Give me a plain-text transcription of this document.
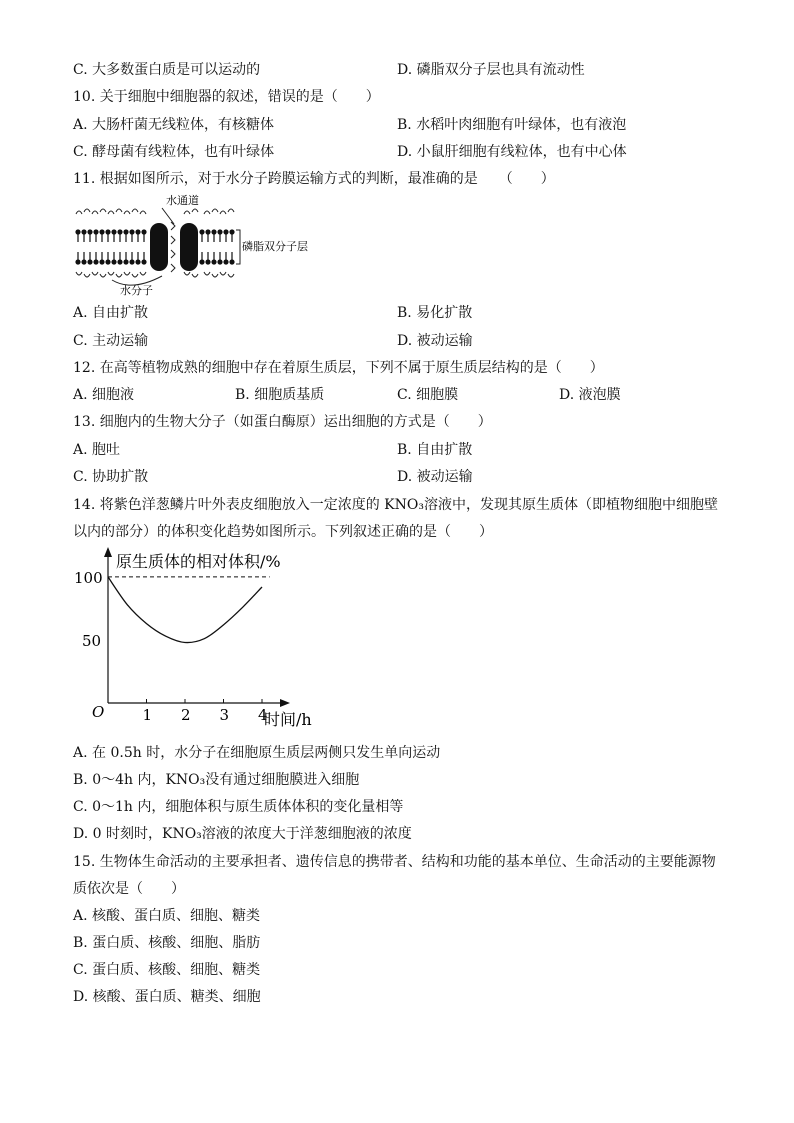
C. 大多数蛋白质是可以运动的	D. 磷脂双分子层也具有流动性
10. 关于细胞中细胞器的叙述，错误的是（　　）
A. 大肠杆菌无线粒体，有核糖体	B. 水稻叶肉细胞有叶绿体，也有液泡
C. 酵母菌有线粒体，也有叶绿体	D. 小鼠肝细胞有线粒体，也有中心体
11. 根据如图所示，对于水分子跨膜运输方式的判断，最准确的是　　（　　）
水通道
磷脂双分子层
水分子
A. 自由扩散	B. 易化扩散
C. 主动运输	D. 被动运输
12. 在高等植物成熟的细胞中存在着原生质层，下列不属于原生质层结构的是（　　）
A. 细胞液	B. 细胞质基质	C. 细胞膜	D. 液泡膜
13. 细胞内的生物大分子（如蛋白酶原）运出细胞的方式是（　　）
A. 胞吐	B. 自由扩散
C. 协助扩散	D. 被动运输
14. 将紫色洋葱鳞片叶外表皮细胞放入一定浓度的 KNO₃溶液中，发现其原生质体（即植物细胞中细胞壁
以内的部分）的体积变化趋势如图所示。下列叙述正确的是（　　）
原生质体的相对体积/%
时间/h
O	1 2 3 4
50
100
A. 在 0.5h 时，水分子在细胞原生质层两侧只发生单向运动
B. 0～4h 内，KNO₃没有通过细胞膜进入细胞
C. 0～1h 内，细胞体积与原生质体体积的变化量相等
D. 0 时刻时，KNO₃溶液的浓度大于洋葱细胞液的浓度
15. 生物体生命活动的主要承担者、遗传信息的携带者、结构和功能的基本单位、生命活动的主要能源物
质依次是（　　）
A. 核酸、蛋白质、细胞、糖类
B. 蛋白质、核酸、细胞、脂肪
C. 蛋白质、核酸、细胞、糖类
D. 核酸、蛋白质、糖类、细胞
